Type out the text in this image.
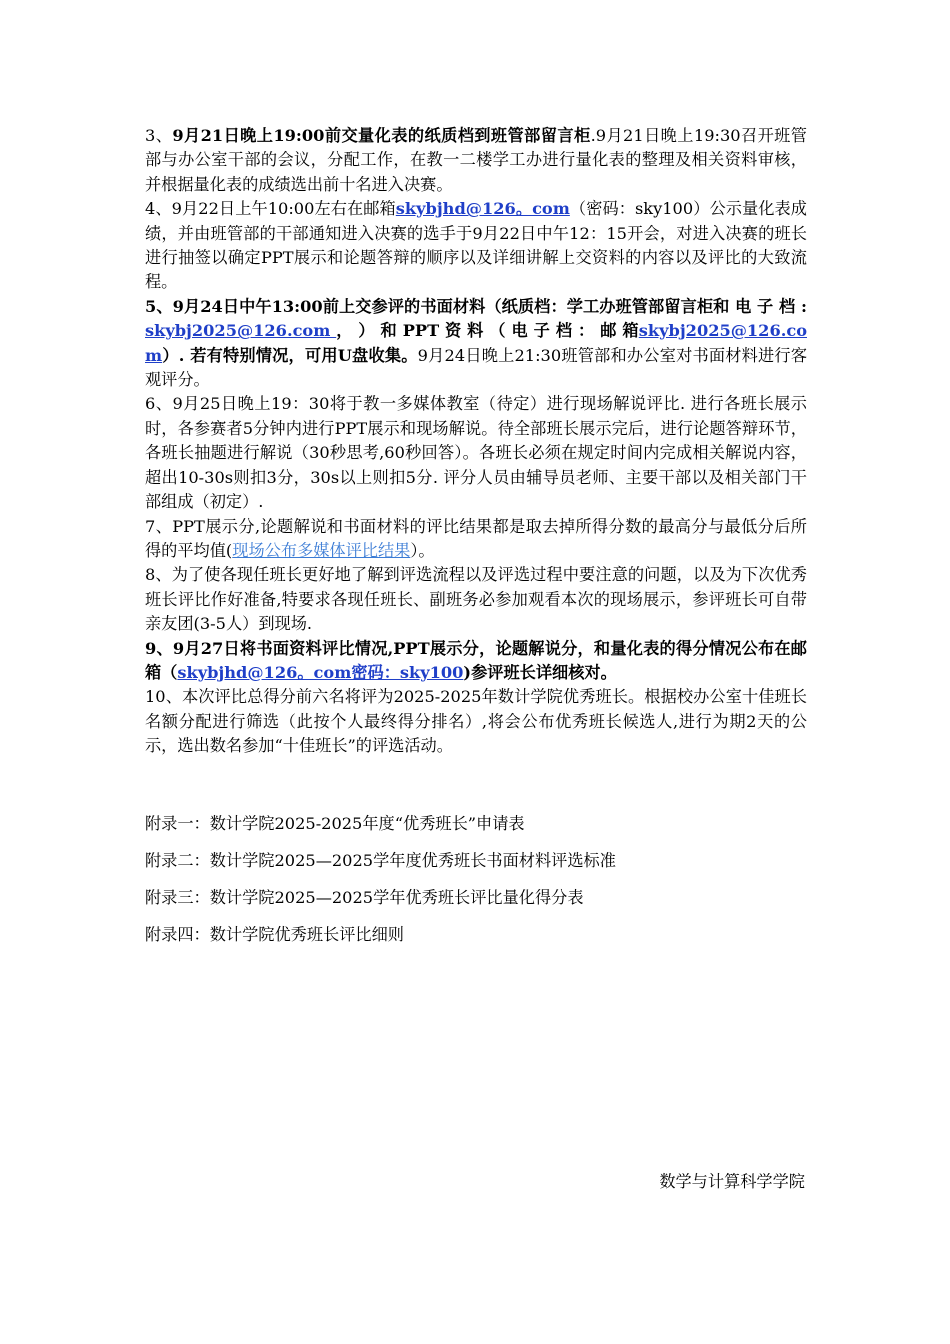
3、9月21日晚上19:00前交量化表的纸质档到班管部留言柜.9月21日晚上19:30召开班管部与办公室干部的会议，分配工作，在教一二楼学工办进行量化表的整理及相关资料审核，并根据量化表的成绩选出前十名进入决赛。

4、9月22日上午10:00左右在邮箱skybjhd@126。com（密码：sky100）公示量化表成绩，并由班管部的干部通知进入决赛的选手于9月22日中午12：15开会，对进入决赛的班长进行抽签以确定PPT展示和论题答辩的顺序以及详细讲解上交资料的内容以及评比的大致流程。

5、9月24日中午13:00前上交参评的书面材料（纸质档：学工办班管部留言柜和 电 子 档 :skybj2025@126.com ， ） 和 PPT 资 料 （ 电 子 档 ： 邮 箱skybj2025@126.com）. 若有特别情况，可用U盘收集。9月24日晚上21:30班管部和办公室对书面材料进行客观评分。

6、9月25日晚上19：30将于教一多媒体教室（待定）进行现场解说评比. 进行各班长展示时，各参赛者5分钟内进行PPT展示和现场解说。待全部班长展示完后，进行论题答辩环节，各班长抽题进行解说（30秒思考,60秒回答）。各班长必须在规定时间内完成相关解说内容，超出10-30s则扣3分，30s以上则扣5分. 评分人员由辅导员老师、主要干部以及相关部门干部组成（初定）.

7、PPT展示分,论题解说和书面材料的评比结果都是取去掉所得分数的最高分与最低分后所得的平均值(现场公布多媒体评比结果）。

8、为了使各现任班长更好地了解到评选流程以及评选过程中要注意的问题，以及为下次优秀班长评比作好准备,特要求各现任班长、副班务必参加观看本次的现场展示，参评班长可自带亲友团(3-5人）到现场.

9、9月27日将书面资料评比情况,PPT展示分，论题解说分，和量化表的得分情况公布在邮箱（skybjhd@126。com密码：sky100)参评班长详细核对。

10、本次评比总得分前六名将评为2025-2025年数计学院优秀班长。根据校办公室十佳班长名额分配进行筛选（此按个人最终得分排名）,将会公布优秀班长候选人,进行为期2天的公示，选出数名参加“十佳班长”的评选活动。

附录一：数计学院2025-2025年度“优秀班长”申请表

附录二：数计学院2025—2025学年度优秀班长书面材料评选标准

附录三：数计学院2025—2025学年优秀班长评比量化得分表

附录四：数计学院优秀班长评比细则

数学与计算科学学院
